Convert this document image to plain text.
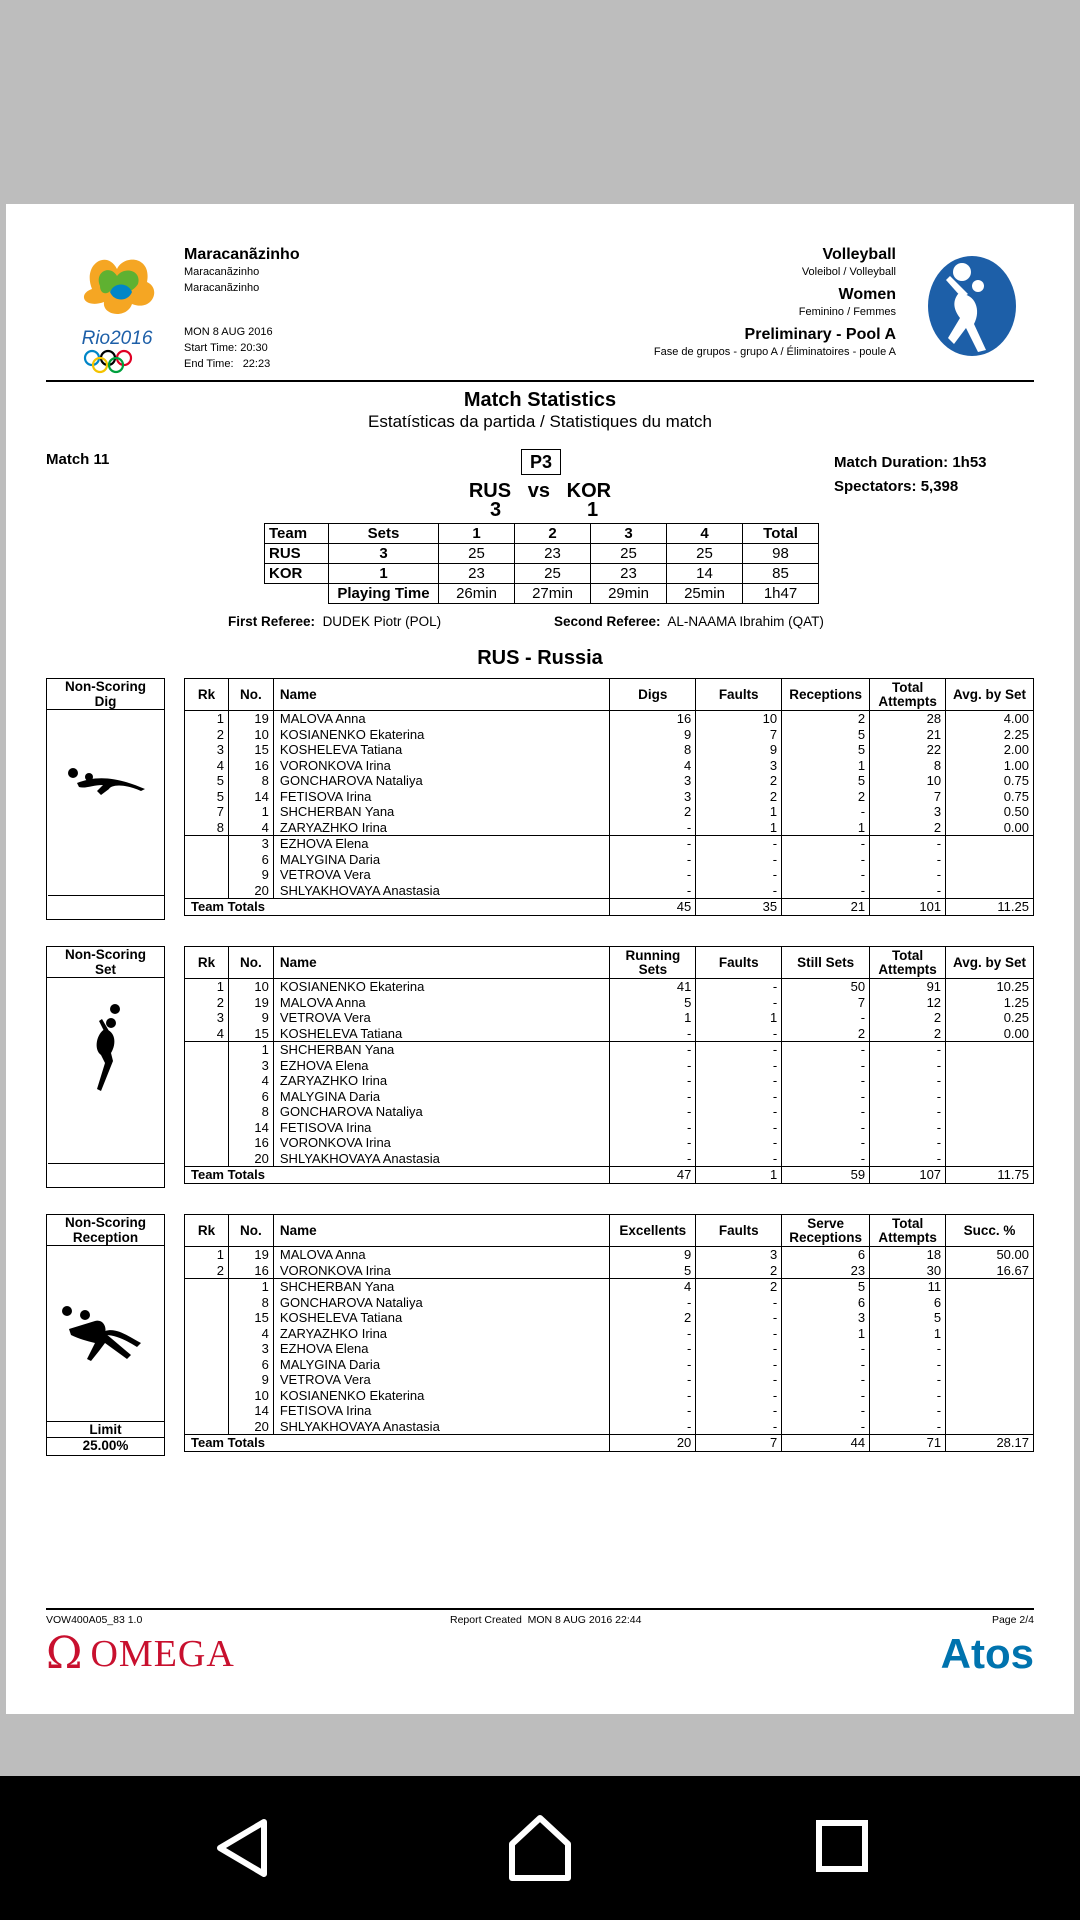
Rio2016
Maracanãzinho
Maracanãzinho
Maracanãzinho
MON 8 AUG 2016
Start Time: 20:30
End Time:   22:23
Volleyball
Voleibol / Volleyball
Women
Feminino / Femmes
Preliminary - Pool A
Fase de grupos - grupo A / Éliminatoires - poule A
Match Statistics
Estatísticas da partida / Statistiques du match
Match 11	P3	Match Duration: 1h53
Spectators: 5,398
RUS   vs   KOR
3	1
Team	Sets	1	2	3	4	Total
RUS	3	25	23	25	25	98
KOR	1	23	25	23	14	85
	Playing Time	26min	27min	29min	25min	1h47
First Referee: DUDEK Piotr (POL)	Second Referee: AL-NAAMA Ibrahim (QAT)
RUS - Russia
Non-Scoring
Dig
Non-Scoring
Set
Non-Scoring
Reception
Limit
25.00%
Rk	No.	Name	Digs	Faults	Receptions	Total Attempts	Avg. by Set
1	19	MALOVA Anna	16	10	2	28	4.00
2	10	KOSIANENKO Ekaterina	9	7	5	21	2.25
3	15	KOSHELEVA Tatiana	8	9	5	22	2.00
4	16	VORONKOVA Irina	4	3	1	8	1.00
5	8	GONCHAROVA Nataliya	3	2	5	10	0.75
5	14	FETISOVA Irina	3	2	2	7	0.75
7	1	SHCHERBAN Yana	2	1	-	3	0.50
8	4	ZARYAZHKO Irina	-	1	1	2	0.00
	3	EZHOVA Elena	-	-	-	-	
	6	MALYGINA Daria	-	-	-	-	
	9	VETROVA Vera	-	-	-	-	
	20	SHLYAKHOVAYA Anastasia	-	-	-	-	
Team Totals			45	35	21	101	11.25
Rk	No.	Name	Running Sets	Faults	Still Sets	Total Attempts	Avg. by Set
1	10	KOSIANENKO Ekaterina	41	-	50	91	10.25
2	19	MALOVA Anna	5	-	7	12	1.25
3	9	VETROVA Vera	1	1	-	2	0.25
4	15	KOSHELEVA Tatiana	-	-	2	2	0.00
	1	SHCHERBAN Yana	-	-	-	-	
	3	EZHOVA Elena	-	-	-	-	
	4	ZARYAZHKO Irina	-	-	-	-	
	6	MALYGINA Daria	-	-	-	-	
	8	GONCHAROVA Nataliya	-	-	-	-	
	14	FETISOVA Irina	-	-	-	-	
	16	VORONKOVA Irina	-	-	-	-	
	20	SHLYAKHOVAYA Anastasia	-	-	-	-	
Team Totals			47	1	59	107	11.75
Rk	No.	Name	Excellents	Faults	Serve Receptions	Total Attempts	Succ. %
1	19	MALOVA Anna	9	3	6	18	50.00
2	16	VORONKOVA Irina	5	2	23	30	16.67
	1	SHCHERBAN Yana	4	2	5	11	
	8	GONCHAROVA Nataliya	-	-	6	6	
	15	KOSHELEVA Tatiana	2	-	3	5	
	4	ZARYAZHKO Irina	-	-	1	1	
	3	EZHOVA Elena	-	-	-	-	
	6	MALYGINA Daria	-	-	-	-	
	9	VETROVA Vera	-	-	-	-	
	10	KOSIANENKO Ekaterina	-	-	-	-	
	14	FETISOVA Irina	-	-	-	-	
	20	SHLYAKHOVAYA Anastasia	-	-	-	-	
Team Totals			20	7	44	71	28.17
VOW400A05_83 1.0	Report Created  MON 8 AUG 2016 22:44	Page 2/4
Ω OMEGA	Atos
